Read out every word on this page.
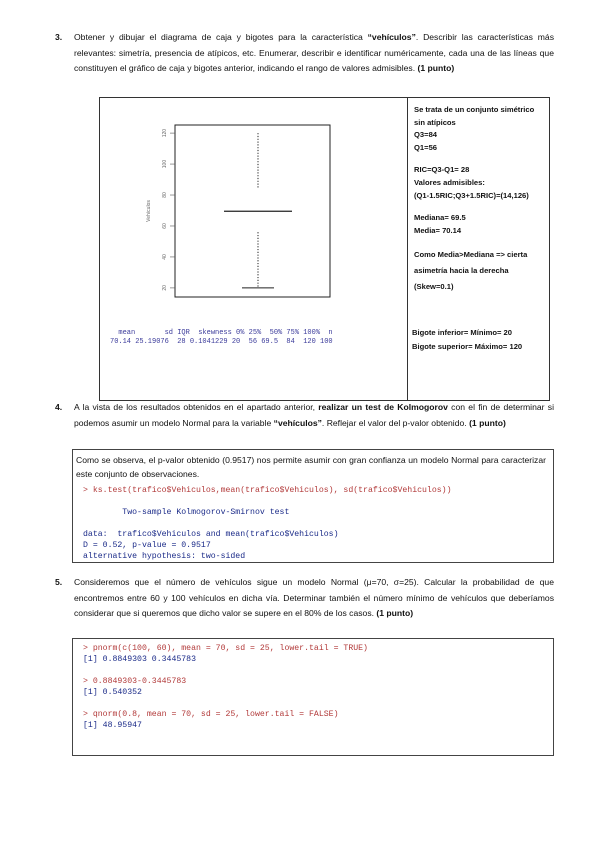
3. Obtener y dibujar el diagrama de caja y bigotes para la característica “vehículos”. Describir las características más relevantes: simetría, presencia de atípicos, etc. Enumerar, describir e identificar numéricamente, cada una de las líneas que constituyen el gráfico de caja y bigotes anterior, indicando el rango de valores admisibles. (1 punto)
Vehículos
20
40
60
80
100
120
mean       sd IQR  skewness 0% 25%  50% 75% 100%  n
70.14 25.19076  28 0.1041229 20  56 69.5  84  120 100
Se trata de un conjunto simétrico sin atípicos
Q3=84
Q1=56
RIC=Q3-Q1= 28
Valores admisibles:
(Q1-1.5RIC;Q3+1.5RIC)=(14,126)
Mediana= 69.5
Media= 70.14
Como Media>Mediana => cierta asimetría hacia la derecha (Skew=0.1)
Bigote inferior= Mínimo= 20
Bigote superior= Máximo= 120
4. A la vista de los resultados obtenidos en el apartado anterior, realizar un test de Kolmogorov con el fin de determinar si podemos asumir un modelo Normal para la variable “vehículos”. Reflejar el valor del p-valor obtenido. (1 punto)
Como se observa, el p-valor obtenido (0.9517) nos permite asumir con gran confianza un modelo Normal para caracterizar este conjunto de observaciones.
> ks.test(trafico$Vehiculos,mean(trafico$Vehiculos), sd(trafico$Vehiculos))

Two-sample Kolmogorov-Smirnov test

data:  trafico$Vehiculos and mean(trafico$Vehiculos)
D = 0.52, p-value = 0.9517
alternative hypothesis: two-sided
5. Consideremos que el número de vehículos sigue un modelo Normal (μ=70, σ=25). Calcular la probabilidad de que encontremos entre 60 y 100 vehículos en dicha vía. Determinar también el número mínimo de vehículos que deberíamos considerar que si queremos que dicho valor se supere en el 80% de los casos. (1 punto)
> pnorm(c(100, 60), mean = 70, sd = 25, lower.tail = TRUE)
[1] 0.8849303 0.3445783

> 0.8849303-0.3445783
[1] 0.540352

> qnorm(0.8, mean = 70, sd = 25, lower.tail = FALSE)
[1] 48.95947
